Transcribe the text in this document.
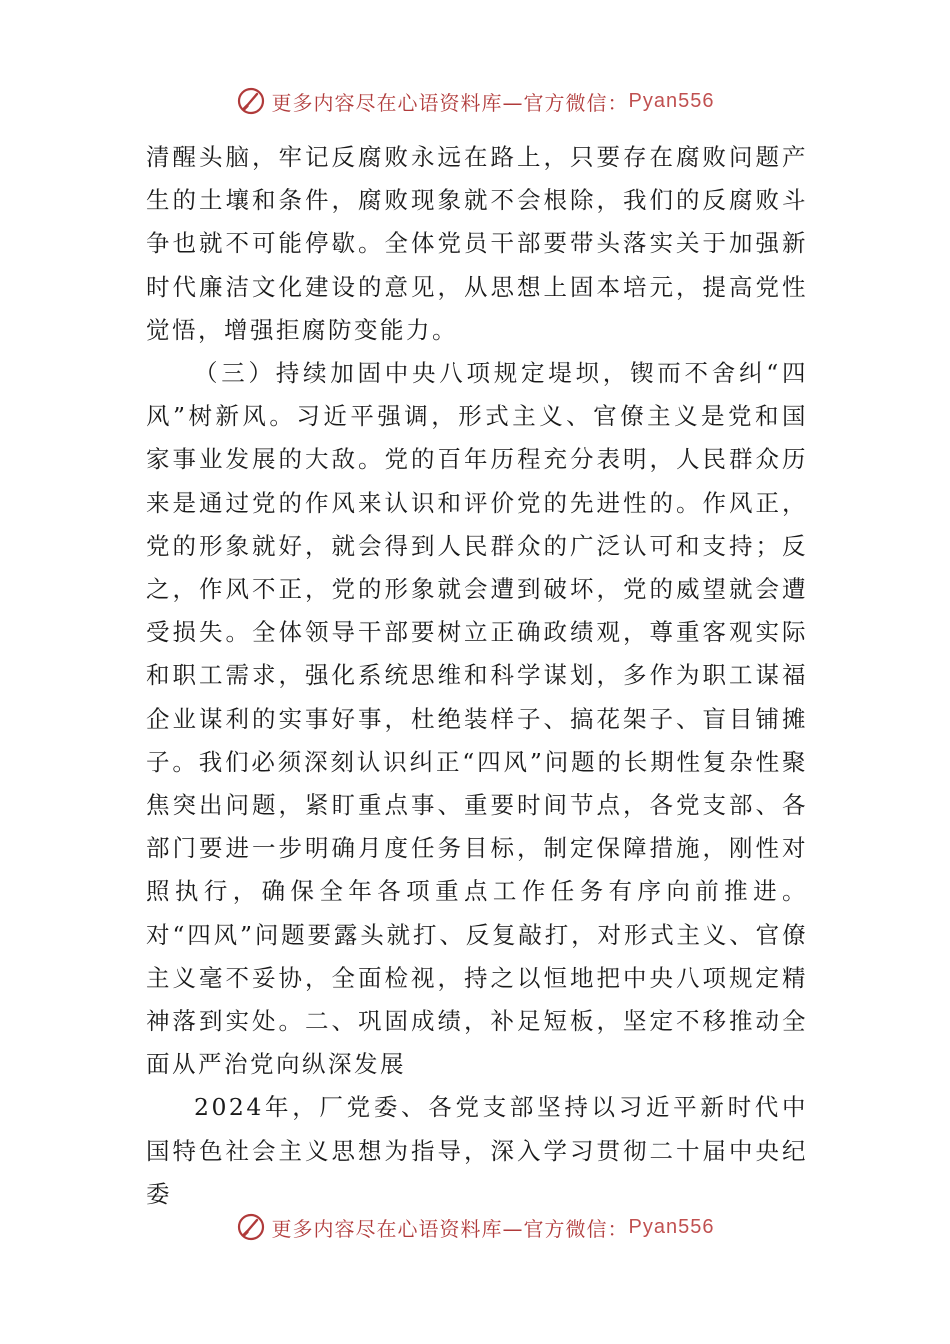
更多内容尽在心语资料库—官方微信： Pyan556

清醒头脑，牢记反腐败永远在路上，只要存在腐败问题产生的土壤和条件，腐败现象就不会根除，我们的反腐败斗争也就不可能停歇。全体党员干部要带头落实关于加强新时代廉洁文化建设的意见，从思想上固本培元，提高党性觉悟，增强拒腐防变能力。

（三）持续加固中央八项规定堤坝，锲而不舍纠“四风”树新风。习近平强调，形式主义、官僚主义是党和国家事业发展的大敌。党的百年历程充分表明，人民群众历来是通过党的作风来认识和评价党的先进性的。作风正，党的形象就好，就会得到人民群众的广泛认可和支持；反之，作风不正，党的形象就会遭到破坏，党的威望就会遭受损失。全体领导干部要树立正确政绩观，尊重客观实际和职工需求，强化系统思维和科学谋划，多作为职工谋福企业谋利的实事好事，杜绝装样子、搞花架子、盲目铺摊子。我们必须深刻认识纠正“四风”问题的长期性复杂性聚焦突出问题，紧盯重点事、重要时间节点，各党支部、各部门要进一步明确月度任务目标，制定保障措施，刚性对照执行，确保全年各项重点工作任务有序向前推进。对“四风”问题要露头就打、反复敲打，对形式主义、官僚主义毫不妥协，全面检视，持之以恒地把中央八项规定精神落到实处。二、巩固成绩，补足短板，坚定不移推动全面从严治党向纵深发展

2024年，厂党委、各党支部坚持以习近平新时代中国特色社会主义思想为指导，深入学习贯彻二十届中央纪委

更多内容尽在心语资料库—官方微信： Pyan556
